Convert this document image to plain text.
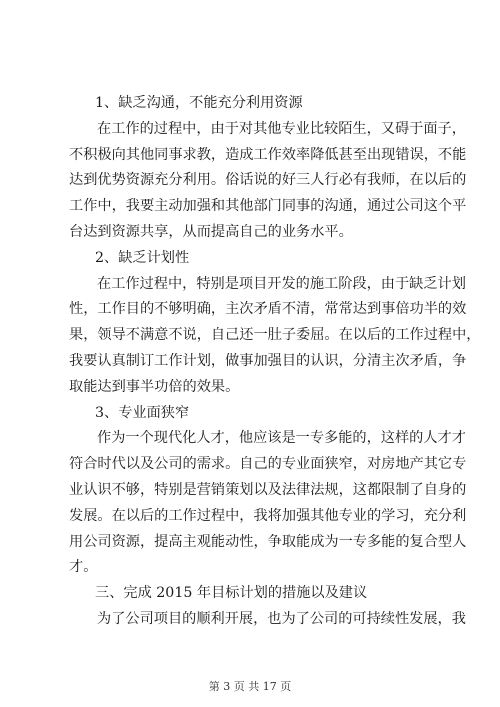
1、缺乏沟通，不能充分利用资源
在工作的过程中，由于对其他专业比较陌生，又碍于面子，
不积极向其他同事求教，造成工作效率降低甚至出现错误，不能
达到优势资源充分利用。俗话说的好三人行必有我师，在以后的
工作中，我要主动加强和其他部门同事的沟通，通过公司这个平
台达到资源共享，从而提高自己的业务水平。
2、缺乏计划性
在工作过程中，特别是项目开发的施工阶段，由于缺乏计划
性，工作目的不够明确，主次矛盾不清，常常达到事倍功半的效
果，领导不满意不说，自己还一肚子委屈。在以后的工作过程中，
我要认真制订工作计划，做事加强目的认识，分清主次矛盾，争
取能达到事半功倍的效果。
3、专业面狭窄
作为一个现代化人才，他应该是一专多能的，这样的人才才
符合时代以及公司的需求。自己的专业面狭窄，对房地产其它专
业认识不够，特别是营销策划以及法律法规，这都限制了自身的
发展。在以后的工作过程中，我将加强其他专业的学习，充分利
用公司资源，提高主观能动性，争取能成为一专多能的复合型人
才。
三、完成 2015 年目标计划的措施以及建议
为了公司项目的顺利开展，也为了公司的可持续性发展，我
第 3 页 共 17 页
